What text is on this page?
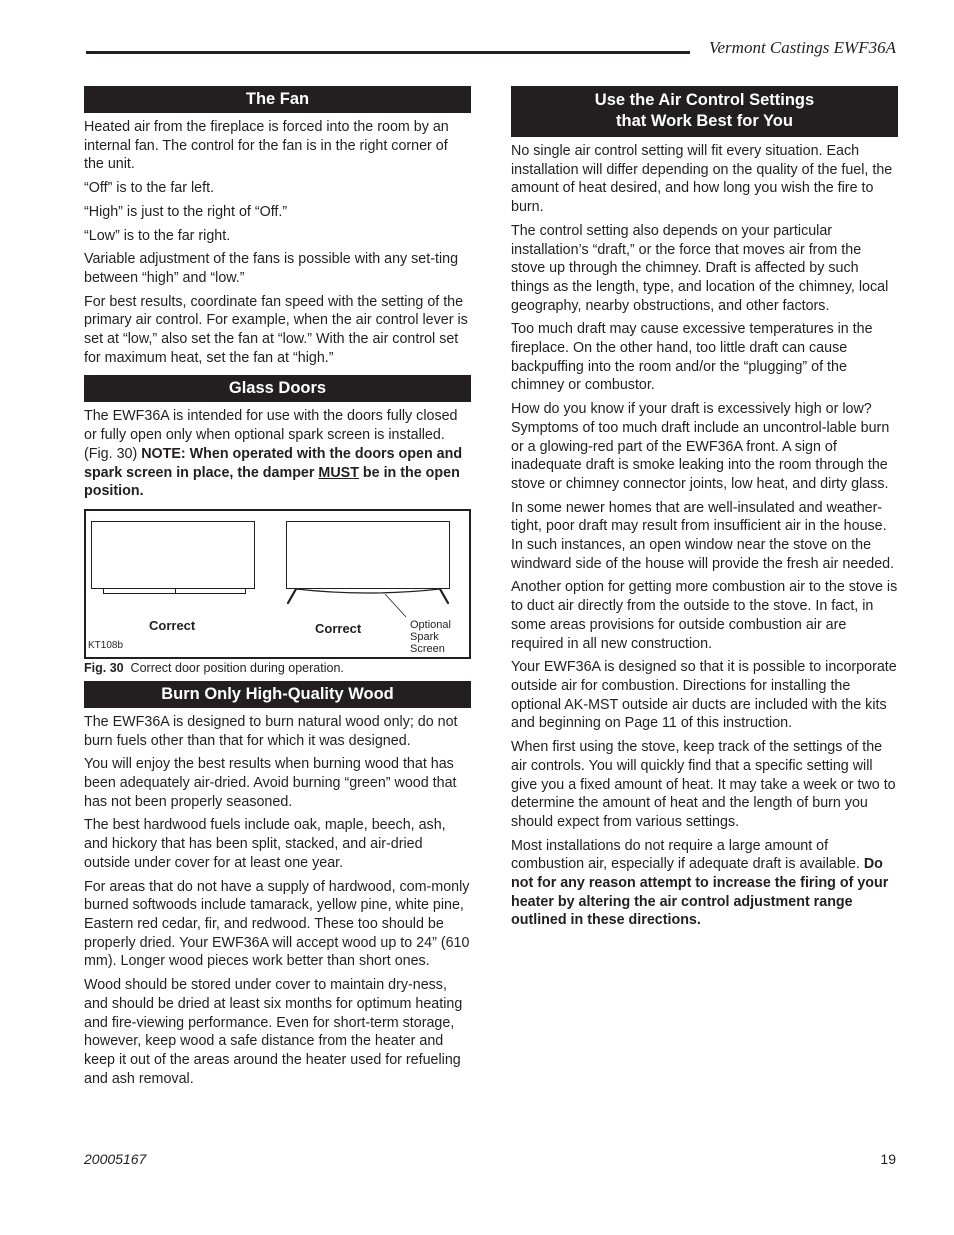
Vermont Castings EWF36A
The Fan

Heated air from the fireplace is forced into the room by an internal fan. The control for the fan is in the right corner of the unit.

“Off” is to the far left.

“High” is just to the right of “Off.”

“Low” is to the far right.

Variable adjustment of the fans is possible with any set-ting between “high” and “low.”

For best results, coordinate fan speed with the setting of the primary air control. For example, when the air control lever is set at “low,” also set the fan at “low.” With the air control set for maximum heat, set the fan at “high.”

Glass Doors

The EWF36A is intended for use with the doors fully closed or fully open only when optional spark screen is installed. (Fig. 30) NOTE: When operated with the doors open and spark screen in place, the damper MUST be in the open position.

Correct	Correct	Optional
Spark
Screen
KT108b
Fig. 30 Correct door position during operation.
Burn Only High-Quality Wood

The EWF36A is designed to burn natural wood only; do not burn fuels other than that for which it was designed.

You will enjoy the best results when burning wood that has been adequately air-dried. Avoid burning “green” wood that has not been properly seasoned.

The best hardwood fuels include oak, maple, beech, ash, and hickory that has been split, stacked, and air-dried outside under cover for at least one year.

For areas that do not have a supply of hardwood, com-monly burned softwoods include tamarack, yellow pine, white pine, Eastern red cedar, fir, and redwood. These too should be properly dried. Your EWF36A will accept wood up to 24” (610 mm). Longer wood pieces work better than short ones.

Wood should be stored under cover to maintain dry-ness, and should be dried at least six months for optimum heating and fire-viewing performance. Even for short-term storage, however, keep wood a safe distance from the heater and keep it out of the areas around the heater used for refueling and ash removal.

Use the Air Control Settings
that Work Best for You

No single air control setting will fit every situation. Each installation will differ depending on the quality of the fuel, the amount of heat desired, and how long you wish the fire to burn.

The control setting also depends on your particular installation’s “draft,” or the force that moves air from the stove up through the chimney. Draft is affected by such things as the length, type, and location of the chimney, local geography, nearby obstructions, and other factors.

Too much draft may cause excessive temperatures in the fireplace. On the other hand, too little draft can cause backpuffing into the room and/or the “plugging” of the chimney or combustor.

How do you know if your draft is excessively high or low? Symptoms of too much draft include an uncontrol-lable burn or a glowing-red part of the EWF36A front. A sign of inadequate draft is smoke leaking into the room through the stove or chimney connector joints, low heat, and dirty glass.

In some newer homes that are well-insulated and weather-tight, poor draft may result from insufficient air in the house. In such instances, an open window near the stove on the windward side of the house will provide the fresh air needed.

Another option for getting more combustion air to the stove is to duct air directly from the outside to the stove. In fact, in some areas provisions for outside combustion air are required in all new construction.

Your EWF36A is designed so that it is possible to incorporate outside air for combustion. Directions for installing the optional AK-MST outside air ducts are included with the kits and beginning on Page 11 of this instruction.

When first using the stove, keep track of the settings of the air controls. You will quickly find that a specific setting will give you a fixed amount of heat. It may take a week or two to determine the amount of heat and the length of burn you should expect from various settings.

Most installations do not require a large amount of combustion air, especially if adequate draft is available. Do not for any reason attempt to increase the firing of your heater by altering the air control adjustment range outlined in these directions.

20005167	19
